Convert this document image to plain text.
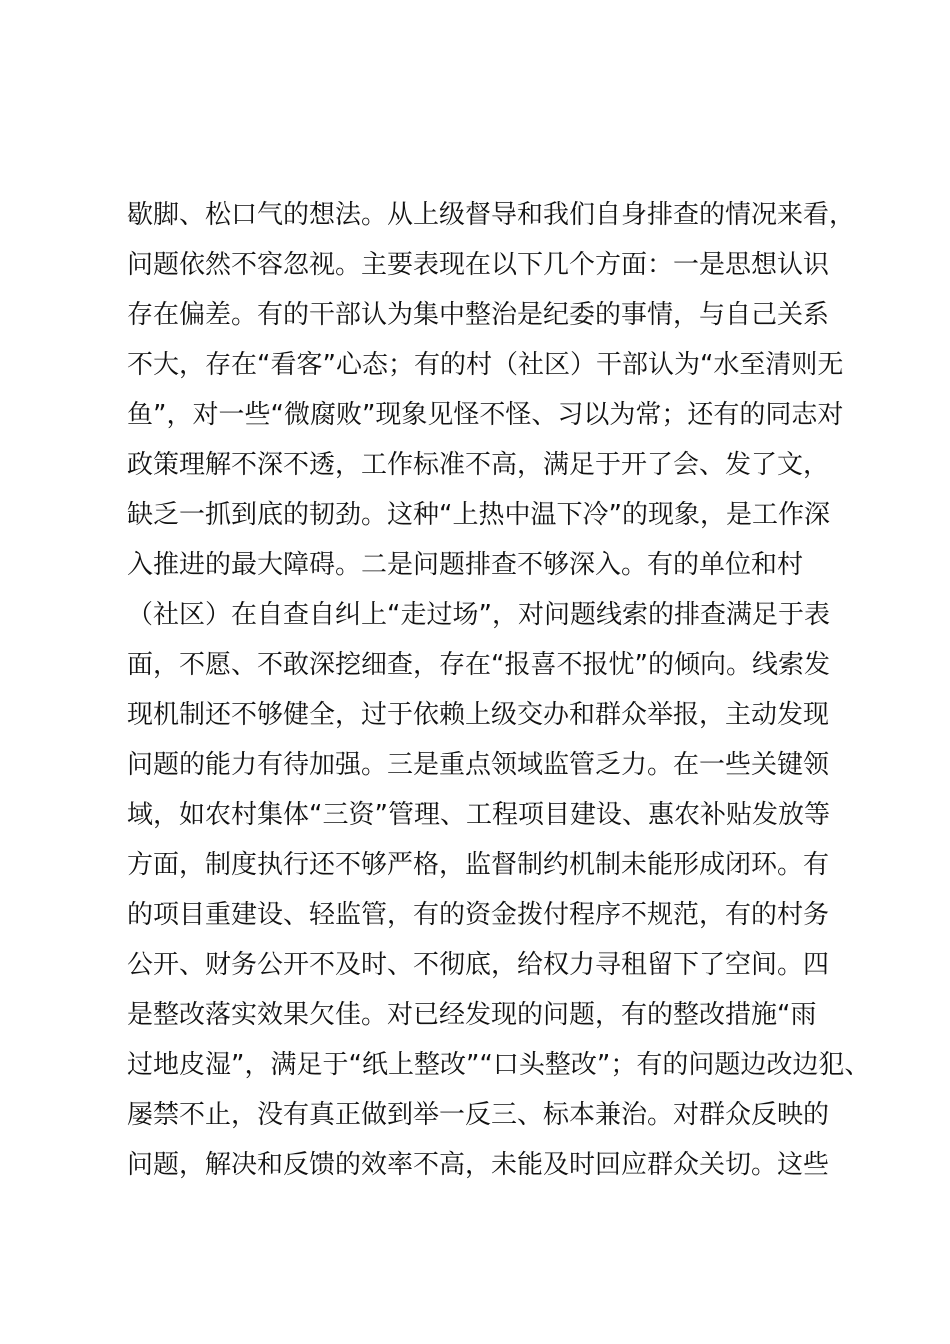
歇脚、松口气的想法。从上级督导和我们自身排查的情况来看，
问题依然不容忽视。主要表现在以下几个方面：一是思想认识
存在偏差。有的干部认为集中整治是纪委的事情，与自己关系
不大，存在“看客”心态；有的村（社区）干部认为“水至清则无
鱼”，对一些“微腐败”现象见怪不怪、习以为常；还有的同志对
政策理解不深不透，工作标准不高，满足于开了会、发了文，
缺乏一抓到底的韧劲。这种“上热中温下冷”的现象，是工作深
入推进的最大障碍。二是问题排查不够深入。有的单位和村
（社区）在自查自纠上“走过场”，对问题线索的排查满足于表
面，不愿、不敢深挖细查，存在“报喜不报忧”的倾向。线索发
现机制还不够健全，过于依赖上级交办和群众举报，主动发现
问题的能力有待加强。三是重点领域监管乏力。在一些关键领
域，如农村集体“三资”管理、工程项目建设、惠农补贴发放等
方面，制度执行还不够严格，监督制约机制未能形成闭环。有
的项目重建设、轻监管，有的资金拨付程序不规范，有的村务
公开、财务公开不及时、不彻底，给权力寻租留下了空间。四
是整改落实效果欠佳。对已经发现的问题，有的整改措施“雨
过地皮湿”，满足于“纸上整改”“口头整改”；有的问题边改边犯、
屡禁不止，没有真正做到举一反三、标本兼治。对群众反映的
问题，解决和反馈的效率不高，未能及时回应群众关切。这些
